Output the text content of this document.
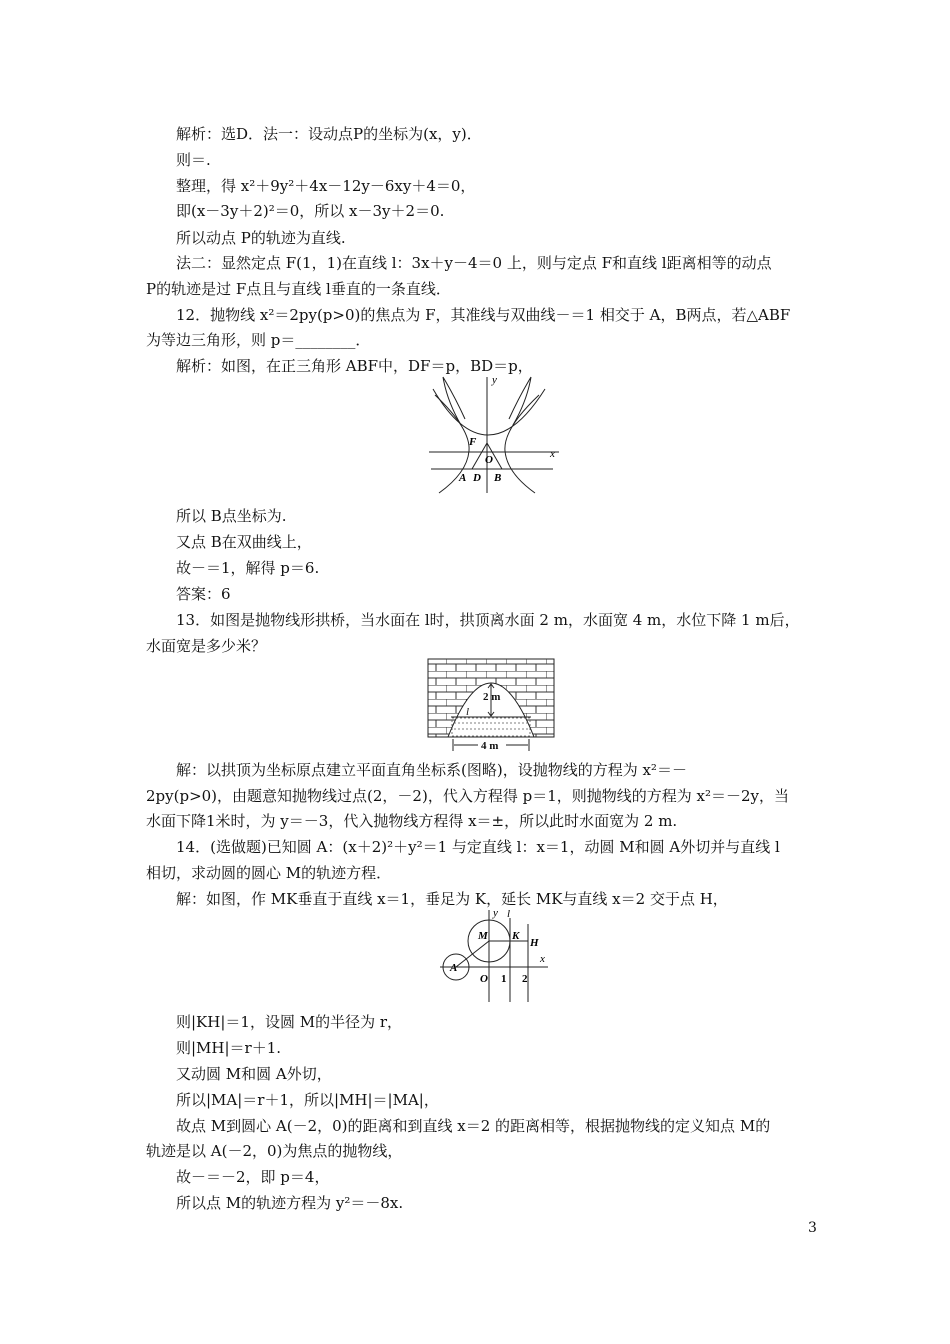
解析：选D．法一：设动点P的坐标为(x，y)．
则＝.
整理，得 x²＋9y²＋4x－12y－6xy＋4＝0，
即(x－3y＋2)²＝0，所以 x－3y＋2＝0.
所以动点 P的轨迹为直线.
法二：显然定点 F(1，1)在直线 l：3x＋y－4＝0 上，则与定点 F和直线 l距离相等的动点
P的轨迹是过 F点且与直线 l垂直的一条直线．
12．抛物线 x²＝2py(p>0)的焦点为 F，其准线与双曲线－＝1 相交于 A，B两点，若△ABF
为等边三角形，则 p＝________．
解析：如图，在正三角形 ABF中，DF＝p，BD＝p，
y
x
F
O
A D B
所以 B点坐标为.
又点 B在双曲线上，
故－＝1，解得 p＝6.
答案：6
13．如图是抛物线形拱桥，当水面在 l时，拱顶离水面 2 m，水面宽 4 m，水位下降 1 m后，
水面宽是多少米？
2 m
l
4 m
解：以拱顶为坐标原点建立平面直角坐标系(图略)，设抛物线的方程为 x²＝－
2py(p>0)，由题意知抛物线过点(2，－2)，代入方程得 p＝1，则抛物线的方程为 x²＝－2y，当
水面下降1米时，为 y＝－3，代入抛物线方程得 x＝±，所以此时水面宽为 2 m.
14．(选做题)已知圆 A：(x＋2)²＋y²＝1 与定直线 l：x＝1，动圆 M和圆 A外切并与直线 l
相切，求动圆的圆心 M的轨迹方程．
解：如图，作 MK垂直于直线 x＝1，垂足为 K，延长 MK与直线 x＝2 交于点 H，
y l
M K
H
A
O 1 2
x
则|KH|＝1，设圆 M的半径为 r，
则|MH|＝r＋1.
又动圆 M和圆 A外切，
所以|MA|＝r＋1，所以|MH|＝|MA|，
故点 M到圆心 A(－2，0)的距离和到直线 x＝2 的距离相等，根据抛物线的定义知点 M的
轨迹是以 A(－2，0)为焦点的抛物线，
故－＝－2，即 p＝4，
所以点 M的轨迹方程为 y²＝－8x.
3
